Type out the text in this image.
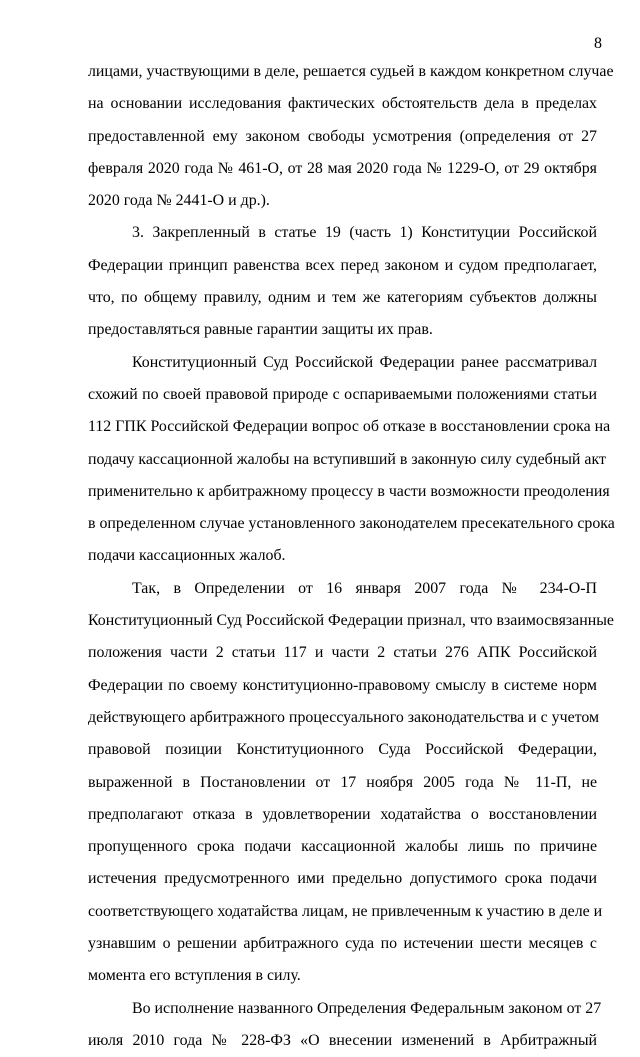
8
лицами, участвующими в деле, решается судьей в каждом конкретном случае
на основании исследования фактических обстоятельств дела в пределах
предоставленной ему законом свободы усмотрения (определения от 27
февраля 2020 года № 461-О, от 28 мая 2020 года № 1229-О, от 29 октября
2020 года № 2441-О и др.).
3. Закрепленный в статье 19 (часть 1) Конституции Российской
Федерации принцип равенства всех перед законом и судом предполагает,
что, по общему правилу, одним и тем же категориям субъектов должны
предоставляться равные гарантии защиты их прав.
Конституционный Суд Российской Федерации ранее рассматривал
схожий по своей правовой природе с оспариваемыми положениями статьи
112 ГПК Российской Федерации вопрос об отказе в восстановлении срока на
подачу кассационной жалобы на вступивший в законную силу судебный акт
применительно к арбитражному процессу в части возможности преодоления
в определенном случае установленного законодателем пресекательного срока
подачи кассационных жалоб.
Так, в Определении от 16 января 2007 года № 234-О-П
Конституционный Суд Российской Федерации признал, что взаимосвязанные
положения части 2 статьи 117 и части 2 статьи 276 АПК Российской
Федерации по своему конституционно-правовому смыслу в системе норм
действующего арбитражного процессуального законодательства и с учетом
правовой позиции Конституционного Суда Российской Федерации,
выраженной в Постановлении от 17 ноября 2005 года № 11-П, не
предполагают отказа в удовлетворении ходатайства о восстановлении
пропущенного срока подачи кассационной жалобы лишь по причине
истечения предусмотренного ими предельно допустимого срока подачи
соответствующего ходатайства лицам, не привлеченным к участию в деле и
узнавшим о решении арбитражного суда по истечении шести месяцев с
момента его вступления в силу.
Во исполнение названного Определения Федеральным законом от 27
июля 2010 года № 228-ФЗ «О внесении изменений в Арбитражный
